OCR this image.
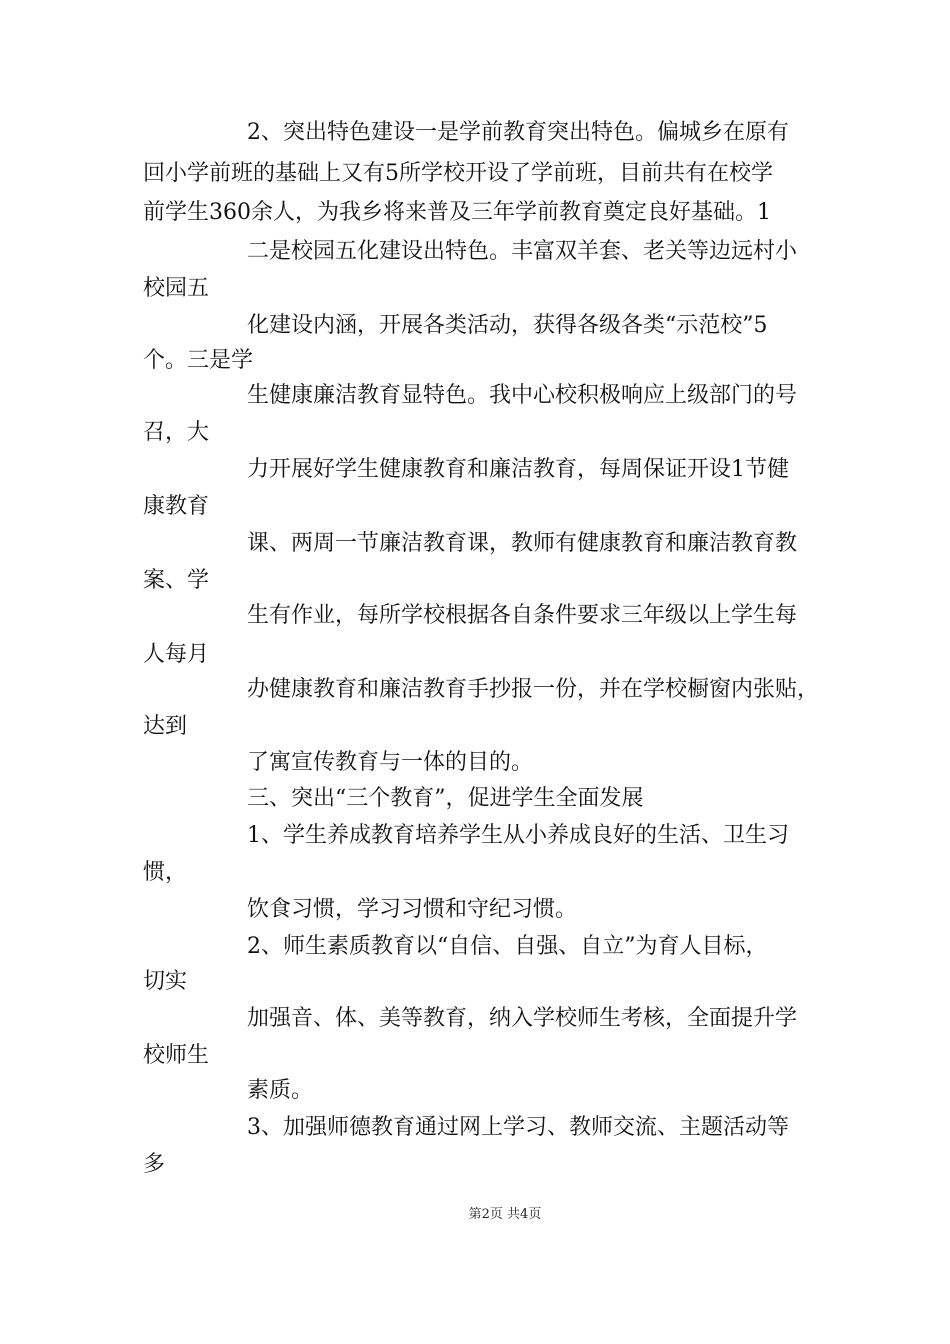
2、突出特色建设一是学前教育突出特色。偏城乡在原有
回小学前班的基础上又有5所学校开设了学前班，目前共有在校学
前学生360余人，为我乡将来普及三年学前教育奠定良好基础。1
二是校园五化建设出特色。丰富双羊套、老关等边远村小
校园五
化建设内涵，开展各类活动，获得各级各类“示范校”5
个。三是学
生健康廉洁教育显特色。我中心校积极响应上级部门的号
召，大
力开展好学生健康教育和廉洁教育，每周保证开设1节健
康教育
课、两周一节廉洁教育课，教师有健康教育和廉洁教育教
案、学
生有作业，每所学校根据各自条件要求三年级以上学生每
人每月
办健康教育和廉洁教育手抄报一份，并在学校橱窗内张贴，
达到
了寓宣传教育与一体的目的。
三、突出“三个教育”，促进学生全面发展
1、学生养成教育培养学生从小养成良好的生活、卫生习
惯，
饮食习惯，学习习惯和守纪习惯。
2、师生素质教育以“自信、自强、自立”为育人目标，
切实
加强音、体、美等教育，纳入学校师生考核，全面提升学
校师生
素质。
3、加强师德教育通过网上学习、教师交流、主题活动等
多
第2页 共4页
